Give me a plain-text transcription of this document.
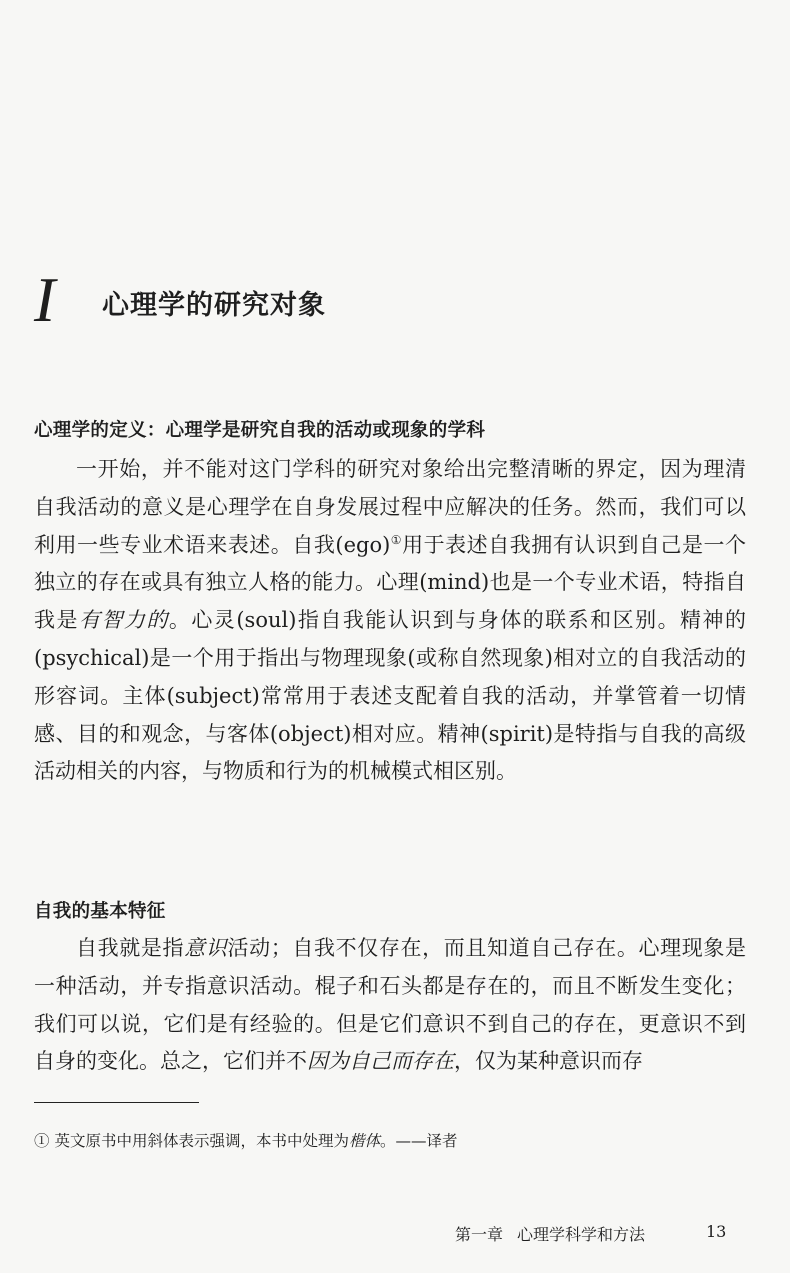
I 心理学的研究对象
心理学的定义：心理学是研究自我的活动或现象的学科

一开始，并不能对这门学科的研究对象给出完整清晰的界定，因为理清自我活动的意义是心理学在自身发展过程中应解决的任务。然而，我们可以利用一些专业术语来表述。自我(ego)①用于表述自我拥有认识到自己是一个独立的存在或具有独立人格的能力。心理(mind)也是一个专业术语，特指自我是有智力的。心灵(soul)指自我能认识到与身体的联系和区别。精神的(psychical)是一个用于指出与物理现象(或称自然现象)相对立的自我活动的形容词。主体(subject)常常用于表述支配着自我的活动，并掌管着一切情感、目的和观念，与客体(object)相对应。精神(spirit)是特指与自我的高级活动相关的内容，与物质和行为的机械模式相区别。

自我的基本特征

自我就是指意识活动；自我不仅存在，而且知道自己存在。心理现象是一种活动，并专指意识活动。棍子和石头都是存在的，而且不断发生变化；我们可以说，它们是有经验的。但是它们意识不到自己的存在，更意识不到自身的变化。总之，它们并不因为自己而存在，仅为某种意识而存

① 英文原书中用斜体表示强调，本书中处理为楷体。——译者
第一章 心理学科学和方法	13
